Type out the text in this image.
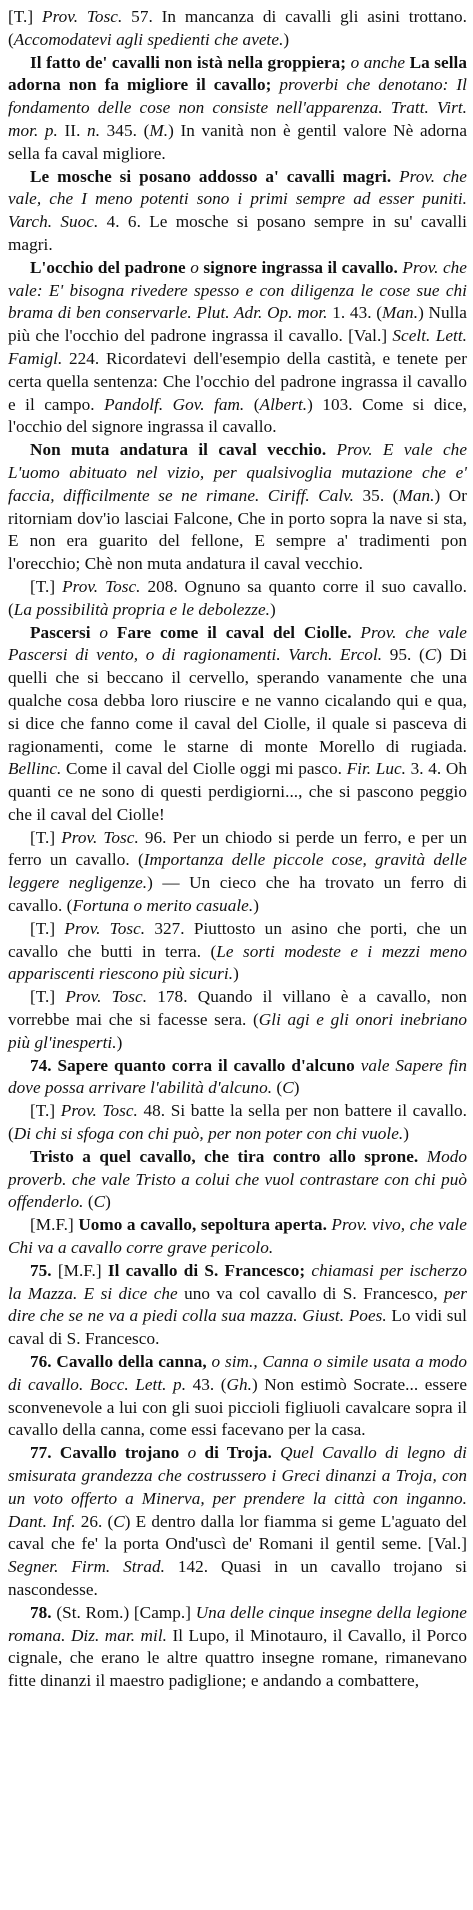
[T.] Prov. Tosc. 57. In mancanza di cavalli gli asini trottano. (Accomodatevi agli spedienti che avete.)

Il fatto de' cavalli non istà nella groppiera; o anche La sella adorna non fa migliore il cavallo; proverbi che denotano: Il fondamento delle cose non consiste nell'apparenza. Tratt. Virt. mor. p. II. n. 345. (M.) In vanità non è gentil valore Nè adorna sella fa caval migliore.

Le mosche si posano addosso a' cavalli magri. Prov. che vale, che I meno potenti sono i primi sempre ad esser puniti. Varch. Suoc. 4. 6. Le mosche si posano sempre in su' cavalli magri.

L'occhio del padrone o signore ingrassa il cavallo. Prov. che vale: E' bisogna rivedere spesso e con diligenza le cose sue chi brama di ben conservarle. Plut. Adr. Op. mor. 1. 43. (Man.) Nulla più che l'occhio del padrone ingrassa il cavallo. [Val.] Scelt. Lett. Famigl. 224. Ricordatevi dell'esempio della castità, e tenete per certa quella sentenza: Che l'occhio del padrone ingrassa il cavallo e il campo. Pandolf. Gov. fam. (Albert.) 103. Come si dice, l'occhio del signore ingrassa il cavallo.

Non muta andatura il caval vecchio. Prov. E vale che L'uomo abituato nel vizio, per qualsivoglia mutazione che e' faccia, difficilmente se ne rimane. Ciriff. Calv. 35. (Man.) Or ritorniam dov'io lasciai Falcone, Che in porto sopra la nave si sta, E non era guarito del fellone, E sempre a' tradimenti pon l'orecchio; Chè non muta andatura il caval vecchio.

[T.] Prov. Tosc. 208. Ognuno sa quanto corre il suo cavallo. (La possibilità propria e le debolezze.)

Pascersi o Fare come il caval del Ciolle. Prov. che vale Pascersi di vento, o di ragionamenti. Varch. Ercol. 95. (C) Di quelli che si beccano il cervello, sperando vanamente che una qualche cosa debba loro riuscire e ne vanno cicalando qui e qua, si dice che fanno come il caval del Ciolle, il quale si pasceva di ragionamenti, come le starne di monte Morello di rugiada. Bellinc. Come il caval del Ciolle oggi mi pasco. Fir. Luc. 3. 4. Oh quanti ce ne sono di questi perdigiorni..., che si pascono peggio che il caval del Ciolle!

[T.] Prov. Tosc. 96. Per un chiodo si perde un ferro, e per un ferro un cavallo. (Importanza delle piccole cose, gravità delle leggere negligenze.) — Un cieco che ha trovato un ferro di cavallo. (Fortuna o merito casuale.)

[T.] Prov. Tosc. 327. Piuttosto un asino che porti, che un cavallo che butti in terra. (Le sorti modeste e i mezzi meno appariscenti riescono più sicuri.)

[T.] Prov. Tosc. 178. Quando il villano è a cavallo, non vorrebbe mai che si facesse sera. (Gli agi e gli onori inebriano più gl'inesperti.)

74. Sapere quanto corra il cavallo d'alcuno vale Sapere fin dove possa arrivare l'abilità d'alcuno. (C)

[T.] Prov. Tosc. 48. Si batte la sella per non battere il cavallo. (Di chi si sfoga con chi può, per non poter con chi vuole.)

Tristo a quel cavallo, che tira contro allo sprone. Modo proverb. che vale Tristo a colui che vuol contrastare con chi può offenderlo. (C)

[M.F.] Uomo a cavallo, sepoltura aperta. Prov. vivo, che vale Chi va a cavallo corre grave pericolo.

75. [M.F.] Il cavallo di S. Francesco; chiamasi per ischerzo la Mazza. E si dice che uno va col cavallo di S. Francesco, per dire che se ne va a piedi colla sua mazza. Giust. Poes. Lo vidi sul caval di S. Francesco.

76. Cavallo della canna, o sim., Canna o simile usata a modo di cavallo. Bocc. Lett. p. 43. (Gh.) Non estimò Socrate... essere sconvenevole a lui con gli suoi piccioli figliuoli cavalcare sopra il cavallo della canna, come essi facevano per la casa.

77. Cavallo trojano o di Troja. Quel Cavallo di legno di smisurata grandezza che costrussero i Greci dinanzi a Troja, con un voto offerto a Minerva, per prendere la città con inganno. Dant. Inf. 26. (C) E dentro dalla lor fiamma si geme L'aguato del caval che fe' la porta Ond'uscì de' Romani il gentil seme. [Val.] Segner. Firm. Strad. 142. Quasi in un cavallo trojano si nascondesse.

78. (St. Rom.) [Camp.] Una delle cinque insegne della legione romana. Diz. mar. mil. Il Lupo, il Minotauro, il Cavallo, il Porco cignale, che erano le altre quattro insegne romane, rimanevano fitte dinanzi il maestro padiglione; e andando a combattere,
